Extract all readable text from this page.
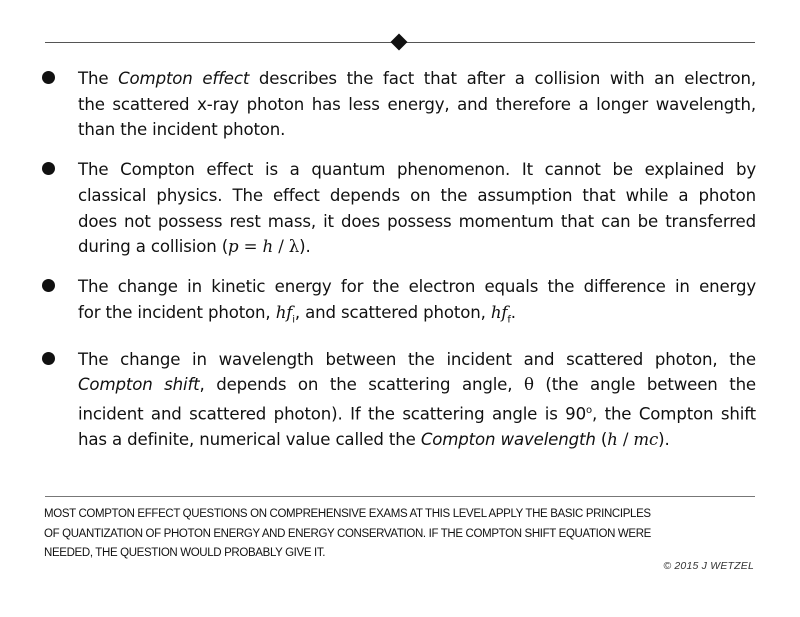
The Compton effect describes the fact that after a collision with an electron,
the scattered x-ray photon has less energy, and therefore a longer wavelength,
than the incident photon.
The Compton effect is a quantum phenomenon. It cannot be explained by
classical physics. The effect depends on the assumption that while a photon
does not possess rest mass, it does possess momentum that can be transferred
during a collision (p = h / λ).
The change in kinetic energy for the electron equals the difference in energy
for the incident photon, $hf_i$, and scattered photon, $hf_f$.
The change in wavelength between the incident and scattered photon, the
Compton shift, depends on the scattering angle, θ (the angle between the
incident and scattered photon). If the scattering angle is 90$^o$, the Compton shift
has a definite, numerical value called the Compton wavelength (h / mc).
MOST COMPTON EFFECT QUESTIONS ON COMPREHENSIVE EXAMS AT THIS LEVEL APPLY THE BASIC PRINCIPLES
OF QUANTIZATION OF PHOTON ENERGY AND ENERGY CONSERVATION. IF THE COMPTON SHIFT EQUATION WERE
NEEDED, THE QUESTION WOULD PROBABLY GIVE IT.
© 2015 J WETZEL
